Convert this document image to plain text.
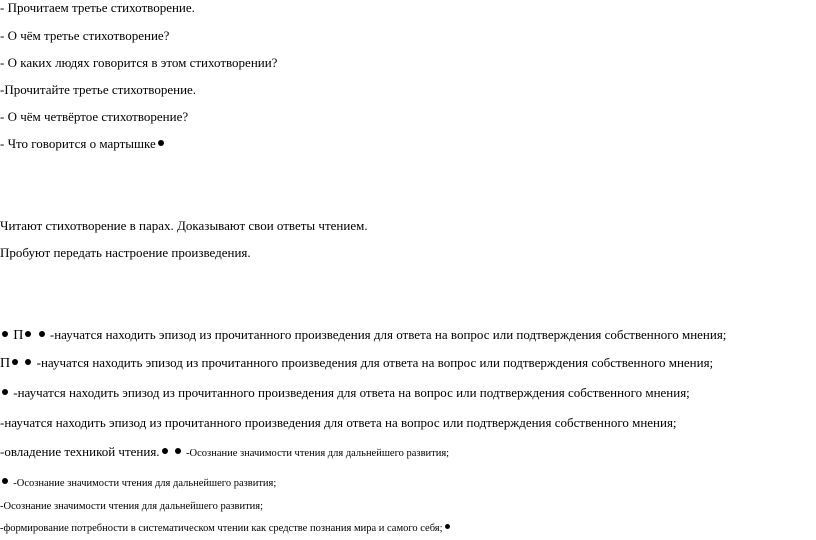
- Прочитаем третье стихотворение.
- О чём третье стихотворение?
- О каких людях говорится в этом стихотворении?
-Прочитайте третье стихотворение.
- О чём четвёртое стихотворение?
- Что говорится о мартышке
Читают стихотворение в парах. Доказывают свои ответы чтением.
Пробуют передать настроение произведения.
П -научатся находить эпизод из прочитанного произведения для ответа на вопрос или подтверждения собственного мнения;
П -научатся находить эпизод из прочитанного произведения для ответа на вопрос или подтверждения собственного мнения;
-научатся находить эпизод из прочитанного произведения для ответа на вопрос или подтверждения собственного мнения;
-научатся находить эпизод из прочитанного произведения для ответа на вопрос или подтверждения собственного мнения;
-овладение техникой чтения.	-Осознание значимости чтения для дальнейшего развития;
-Осознание значимости чтения для дальнейшего развития;
-Осознание значимости чтения для дальнейшего развития;
-формирование потребности в систематическом чтении как средстве познания мира и самого себя;
